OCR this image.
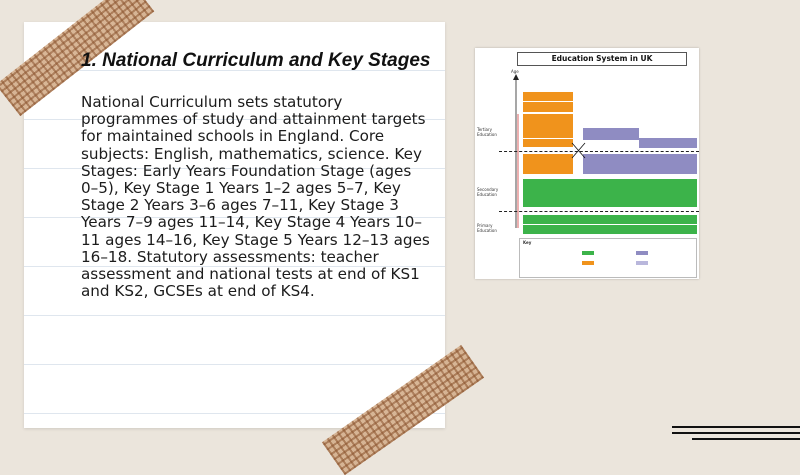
1. National Curriculum and Key Stages

National Curriculum sets statutory programmes of study and attainment targets for maintained schools in England. Core subjects: English, mathematics, science. Key Stages: Early Years Foundation Stage (ages 0–5), Key Stage 1 Years 1–2 ages 5–7, Key Stage 2 Years 3–6 ages 7–11, Key Stage 3 Years 7–9 ages 11–14, Key Stage 4 Years 10–11 ages 14–16, Key Stage 5 Years 12–13 ages 16–18. Statutory assessments: teacher assessment and national tests at end of KS1 and KS2, GCSEs at end of KS4.

Education System in UK
Age
Tertiary Education
Secondary Education
Primary Education
Key
